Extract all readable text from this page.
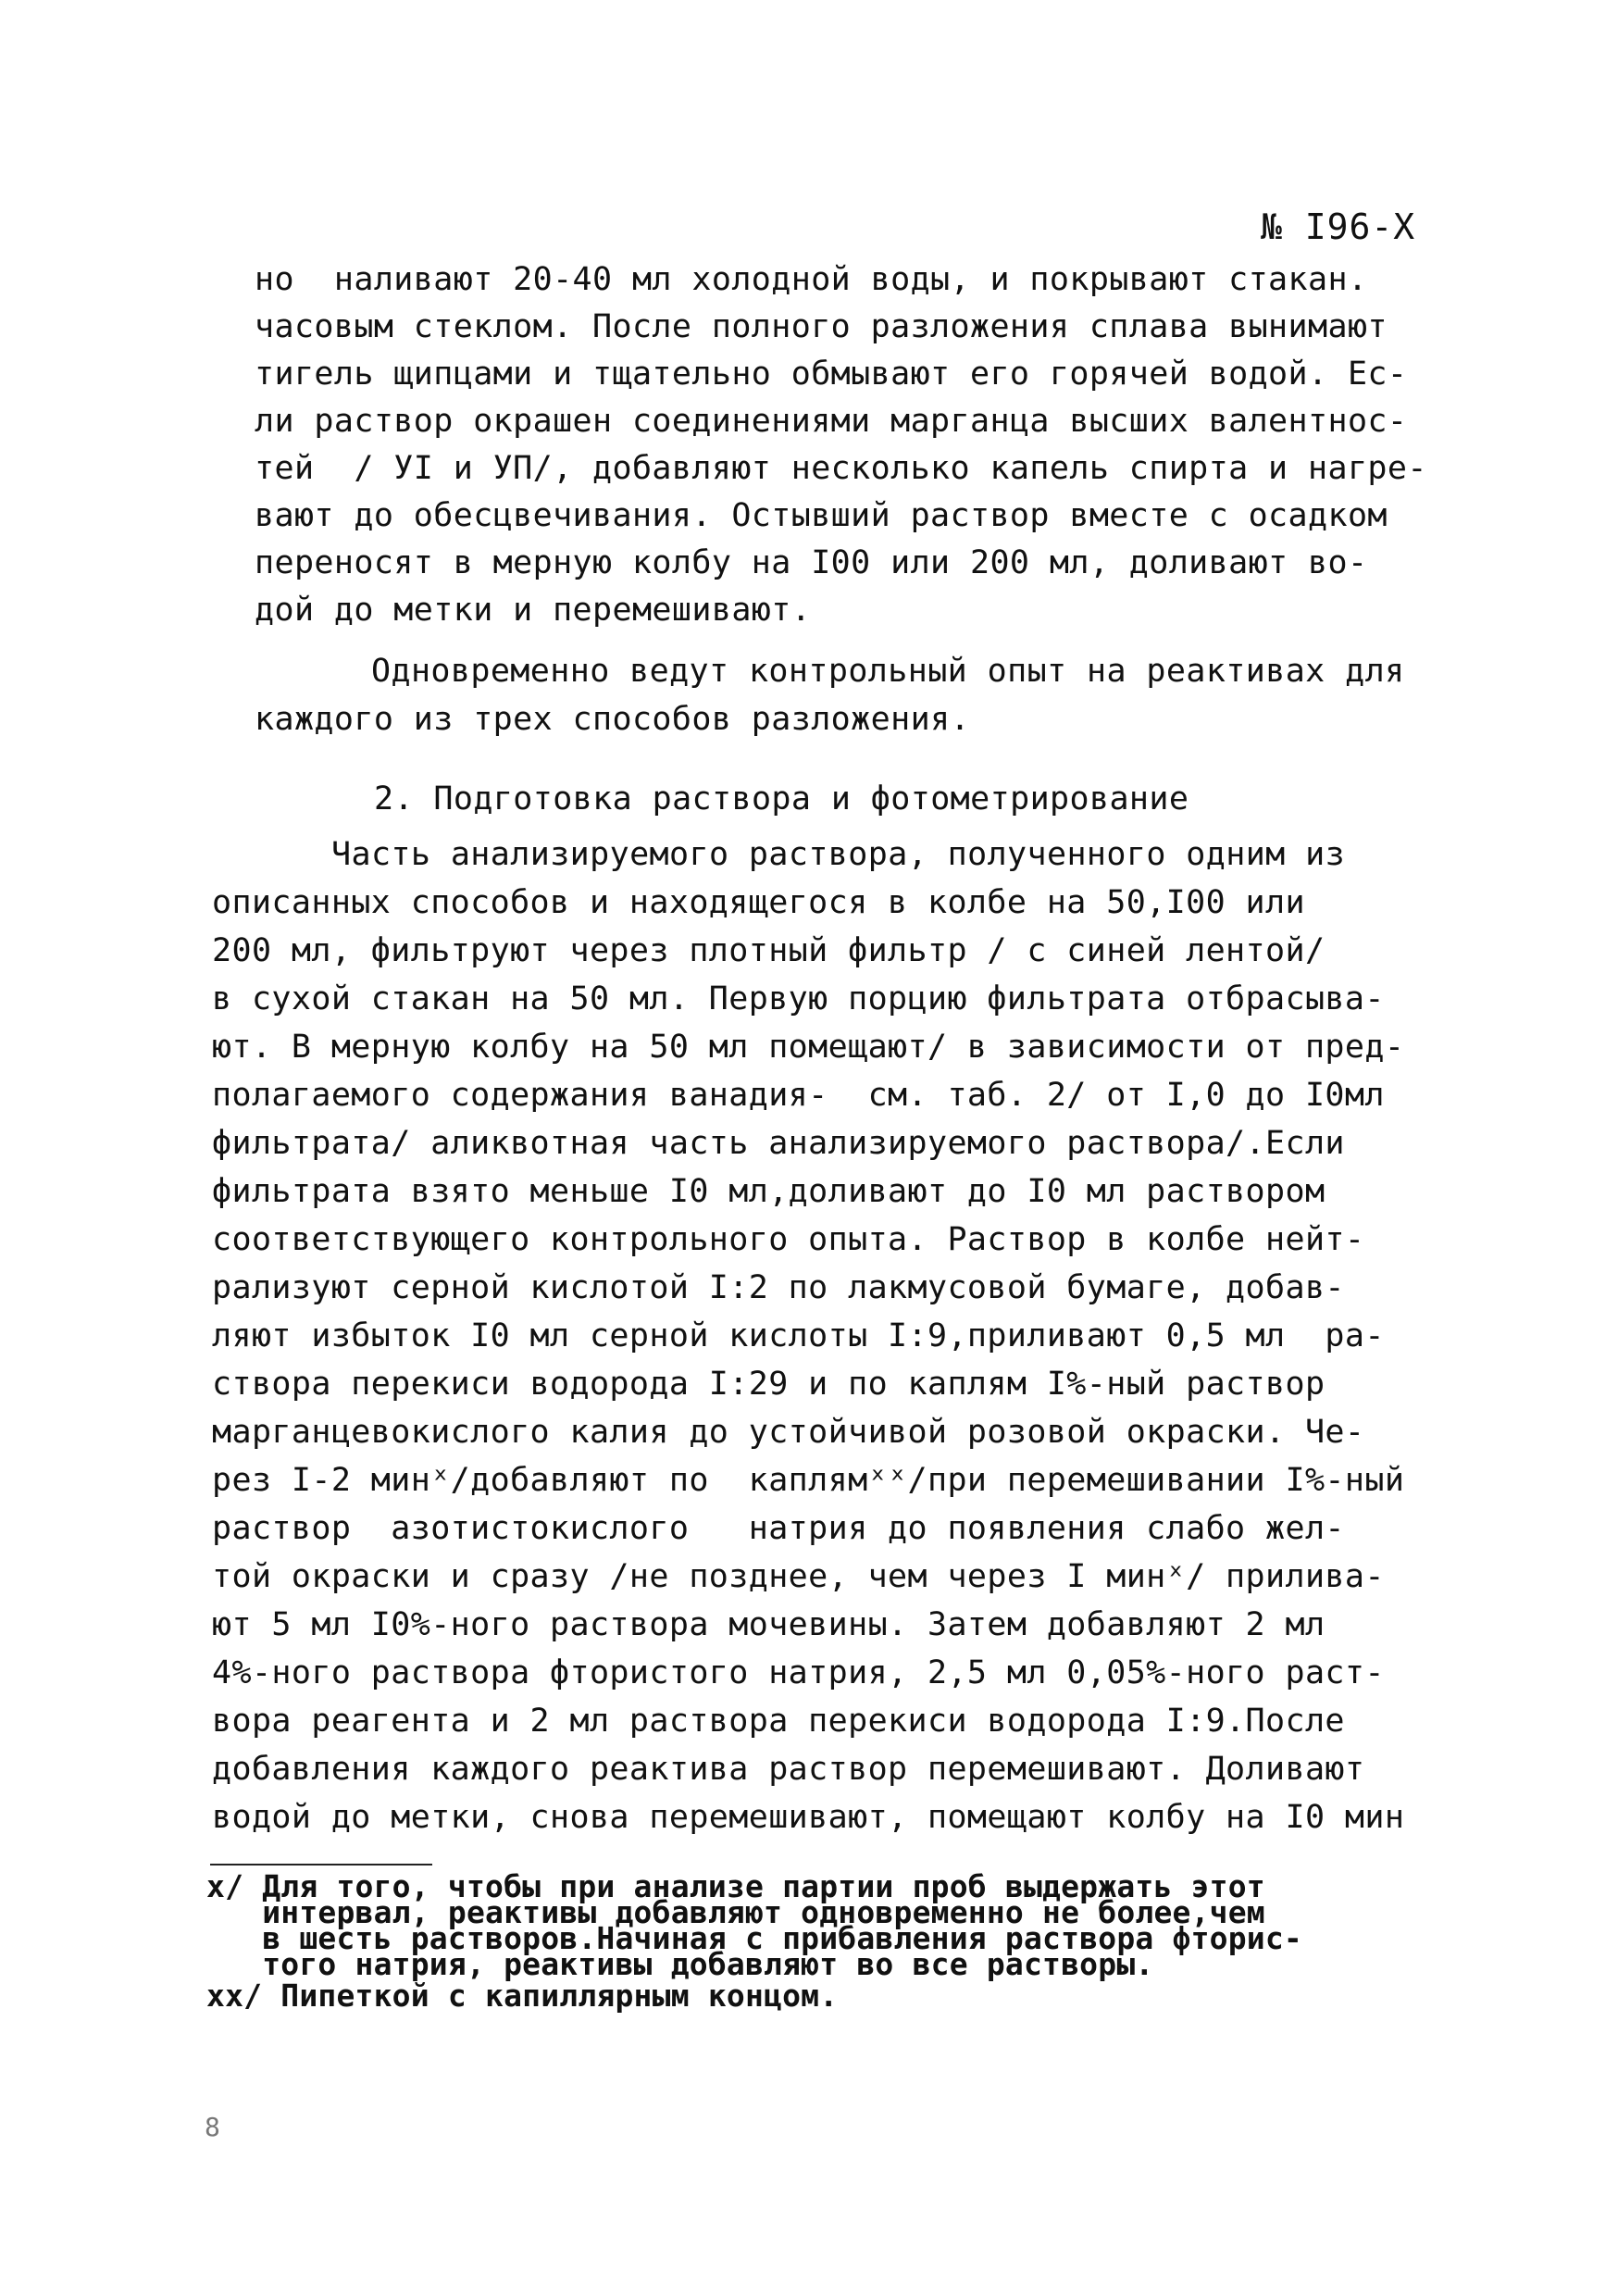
№ I96-Х
но  наливают 20-40 мл холодной воды, и покрывают стакан.
часовым стеклом. После полного разложения сплава вынимают
тигель щипцами и тщательно обмывают его горячей водой. Ес-
ли раствор окрашен соединениями марганца высших валентнос-
тей  / УI и УП/, добавляют несколько капель спирта и нагре-
вают до обесцвечивания. Остывший раствор вместе с осадком
переносят в мерную колбу на I00 или 200 мл, доливают во-
дой до метки и перемешивают.
Одновременно ведут контрольный опыт на реактивах для
каждого из трех способов разложения.
2. Подготовка раствора и фотометрирование
Часть анализируемого раствора, полученного одним из
описанных способов и находящегося в колбе на 50,I00 или
200 мл, фильтруют через плотный фильтр / с синей лентой/
в сухой стакан на 50 мл. Первую порцию фильтрата отбрасыва-
ют. В мерную колбу на 50 мл помещают/ в зависимости от пред-
полагаемого содержания ванадия-  см. таб. 2/ от I,0 до I0мл
фильтрата/ аликвотная часть анализируемого раствора/.Если
фильтрата взято меньше I0 мл,доливают до I0 мл раствором
соответствующего контрольного опыта. Раствор в колбе нейт-
рализуют серной кислотой I:2 по лакмусовой бумаге, добав-
ляют избыток I0 мл серной кислоты I:9,приливают 0,5 мл  ра-
створа перекиси водорода I:29 и по каплям I%-ный раствор
марганцевокислого калия до устойчивой розовой окраски. Че-
рез I-2 минˣ/добавляют по  каплямˣˣ/при перемешивании I%-ный
раствор  азотистокислого   натрия до появления слабо жел-
той окраски и сразу /не позднее, чем через I минˣ/ прилива-
ют 5 мл I0%-ного раствора мочевины. Затем добавляют 2 мл
4%-ного раствора фтористого натрия, 2,5 мл 0,05%-ного раст-
вора реагента и 2 мл раствора перекиси водорода I:9.После
добавления каждого реактива раствор перемешивают. Доливают
водой до метки, снова перемешивают, помещают колбу на I0 мин
х/ Для того, чтобы при анализе партии проб выдержать этот
интервал, реактивы добавляют одновременно не более,чем
в шесть растворов.Начиная с прибавления раствора фторис-
того натрия, реактивы добавляют во все растворы.
хх/ Пипеткой с капиллярным концом.
8
